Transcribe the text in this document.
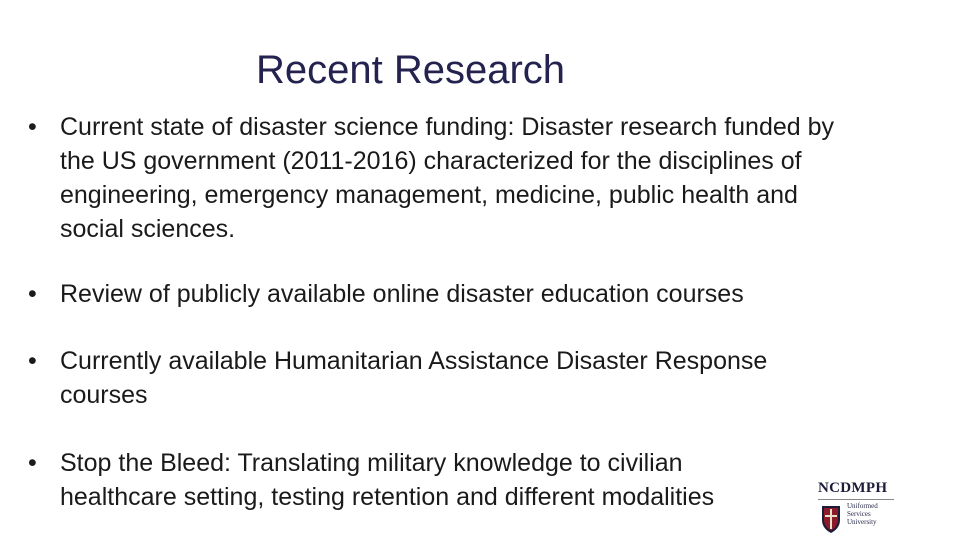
Recent Research
• Current state of disaster science funding: Disaster research funded by the US government (2011-2016) characterized for the disciplines of engineering, emergency management, medicine, public health and social sciences.
• Review of publicly available online disaster education courses
• Currently available Humanitarian Assistance Disaster Response courses
• Stop the Bleed: Translating military knowledge to civilian healthcare setting, testing retention and different modalities	NCDMPH
Uniformed
Services
University
